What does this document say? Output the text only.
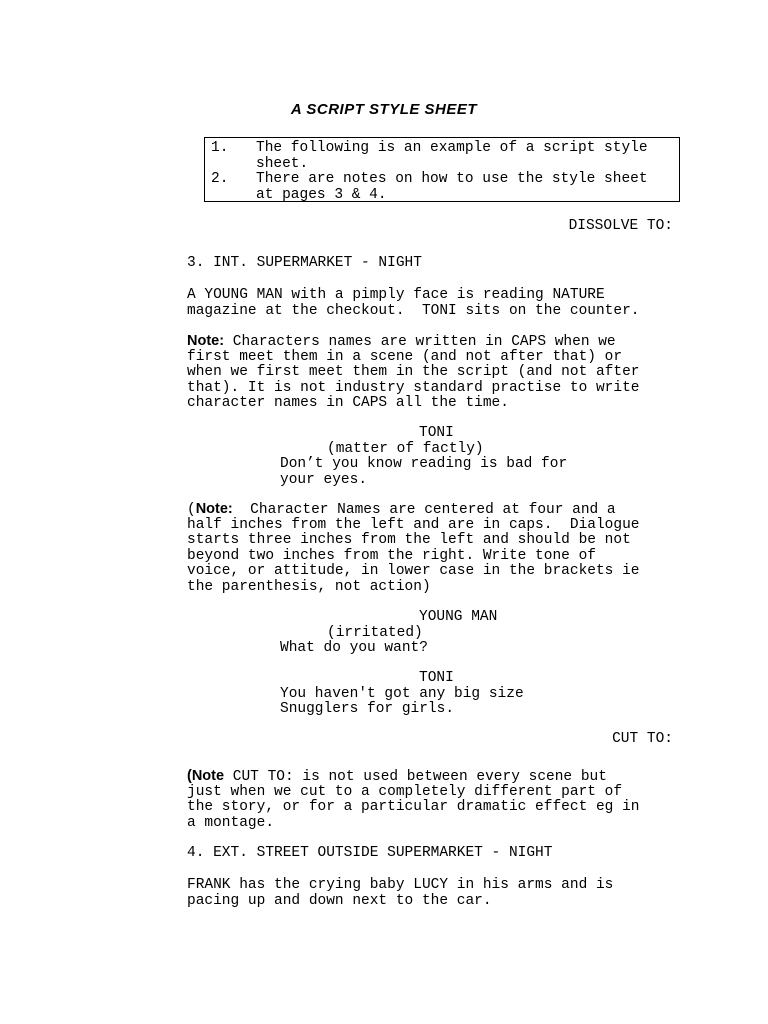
A SCRIPT STYLE SHEET
1. The following is an example of a script style
sheet.
2. There are notes on how to use the style sheet
at pages 3 & 4.
DISSOLVE TO:
3. INT. SUPERMARKET - NIGHT
A YOUNG MAN with a pimply face is reading NATURE
magazine at the checkout.  TONI sits on the counter.
Note: Characters names are written in CAPS when we
first meet them in a scene (and not after that) or
when we first meet them in the script (and not after
that). It is not industry standard practise to write
character names in CAPS all the time.
TONI
(matter of factly)
Don’t you know reading is bad for
your eyes.
(Note:  Character Names are centered at four and a
half inches from the left and are in caps.  Dialogue
starts three inches from the left and should be not
beyond two inches from the right. Write tone of
voice, or attitude, in lower case in the brackets ie
the parenthesis, not action)
YOUNG MAN
(irritated)
What do you want?
TONI
You haven't got any big size
Snugglers for girls.
CUT TO:
(Note CUT TO: is not used between every scene but
just when we cut to a completely different part of
the story, or for a particular dramatic effect eg in
a montage.
4. EXT. STREET OUTSIDE SUPERMARKET - NIGHT
FRANK has the crying baby LUCY in his arms and is
pacing up and down next to the car.
